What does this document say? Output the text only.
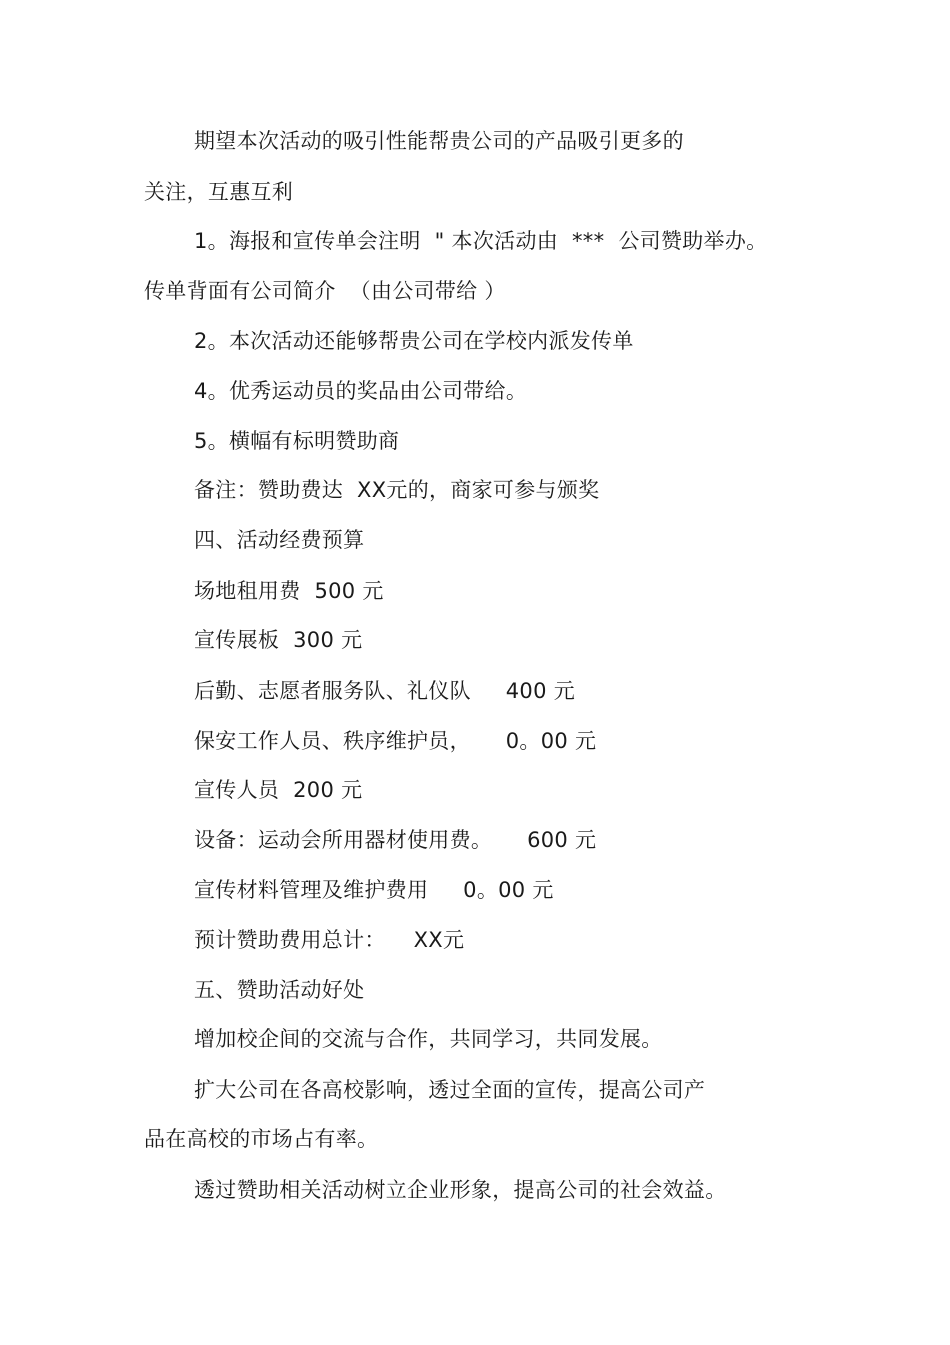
期望本次活动的吸引性能帮贵公司的产品吸引更多的
关注，互惠互利
1。海报和宣传单会注明  " 本次活动由  ***  公司赞助举办。
传单背面有公司简介  （由公司带给 ）
2。本次活动还能够帮贵公司在学校内派发传单
4。优秀运动员的奖品由公司带给。
5。横幅有标明赞助商
备注：赞助费达  XX元的，商家可参与颁奖
四、活动经费预算
场地租用费  500 元
宣传展板  300 元
后勤、志愿者服务队、礼仪队     400 元
保安工作人员、秩序维护员，     0。00 元
宣传人员  200 元
设备：运动会所用器材使用费。     600 元
宣传材料管理及维护费用     0。00 元
预计赞助费用总计：    XX元
五、赞助活动好处
增加校企间的交流与合作，共同学习，共同发展。
扩大公司在各高校影响，透过全面的宣传，提高公司产
品在高校的市场占有率。
透过赞助相关活动树立企业形象，提高公司的社会效益。
